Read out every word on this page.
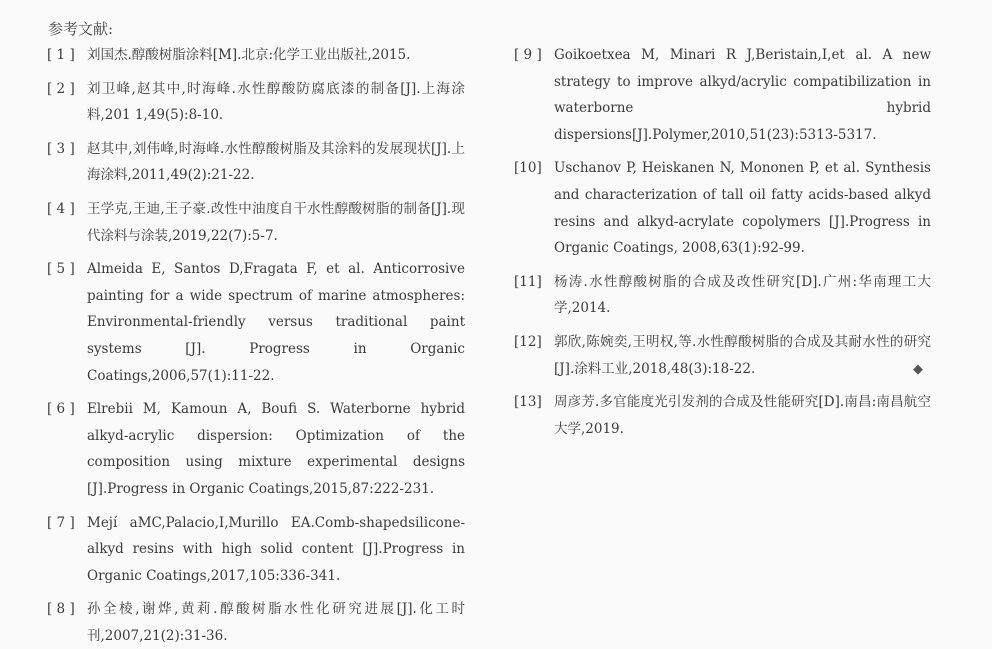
参考文献:
[ 1 ] 刘国杰.醇酸树脂涂料[M].北京:化学工业出版社,2015.
[ 2 ] 刘卫峰,赵其中,时海峰.水性醇酸防腐底漆的制备[J].上海涂料,201 1,49(5):8-10.
[ 3 ] 赵其中,刘伟峰,时海峰.水性醇酸树脂及其涂料的发展现状[J].上海涂料,2011,49(2):21-22.
[ 4 ] 王学克,王迪,王子豪.改性中油度自干水性醇酸树脂的制备[J].现代涂料与涂装,2019,22(7):5-7.
[ 5 ] Almeida E, Santos D,Fragata F, et al. Anticorrosive painting for a wide spectrum of marine atmospheres: Environmental-friendly versus traditional paint systems [J]. Progress in Organic Coatings,2006,57(1):11-22.
[ 6 ] Elrebii M, Kamoun A, Boufi S. Waterborne hybrid alkyd-acrylic dispersion: Optimization of the composition using mixture experimental designs [J].Progress in Organic Coatings,2015,87:222-231.
[ 7 ] Mejí aMC,Palacio,I,Murillo EA.Comb-shapedsilicone-alkyd resins with high solid content [J].Progress in Organic Coatings,2017,105:336-341.
[ 8 ] 孙全棱,谢烨,黄莉.醇酸树脂水性化研究进展[J].化工时刊,2007,21(2):31-36.
[ 9 ] Goikoetxea M, Minari R J,Beristain,I,et al. A new strategy to improve alkyd/acrylic compatibilization in waterborne hybrid dispersions[J].Polymer,2010,51(23):5313-5317.
[10] Uschanov P, Heiskanen N, Mononen P, et al. Synthesis and characterization of tall oil fatty acids-based alkyd resins and alkyd-acrylate copolymers [J].Progress in Organic Coatings, 2008,63(1):92-99.
[11] 杨涛.水性醇酸树脂的合成及改性研究[D].广州:华南理工大学,2014.
[12] 郭欣,陈婉奕,王明权,等.水性醇酸树脂的合成及其耐水性的研究[J].涂料工业,2018,48(3):18-22.
[13] 周彦芳.多官能度光引发剂的合成及性能研究[D].南昌:南昌航空大学,2019.
◆
